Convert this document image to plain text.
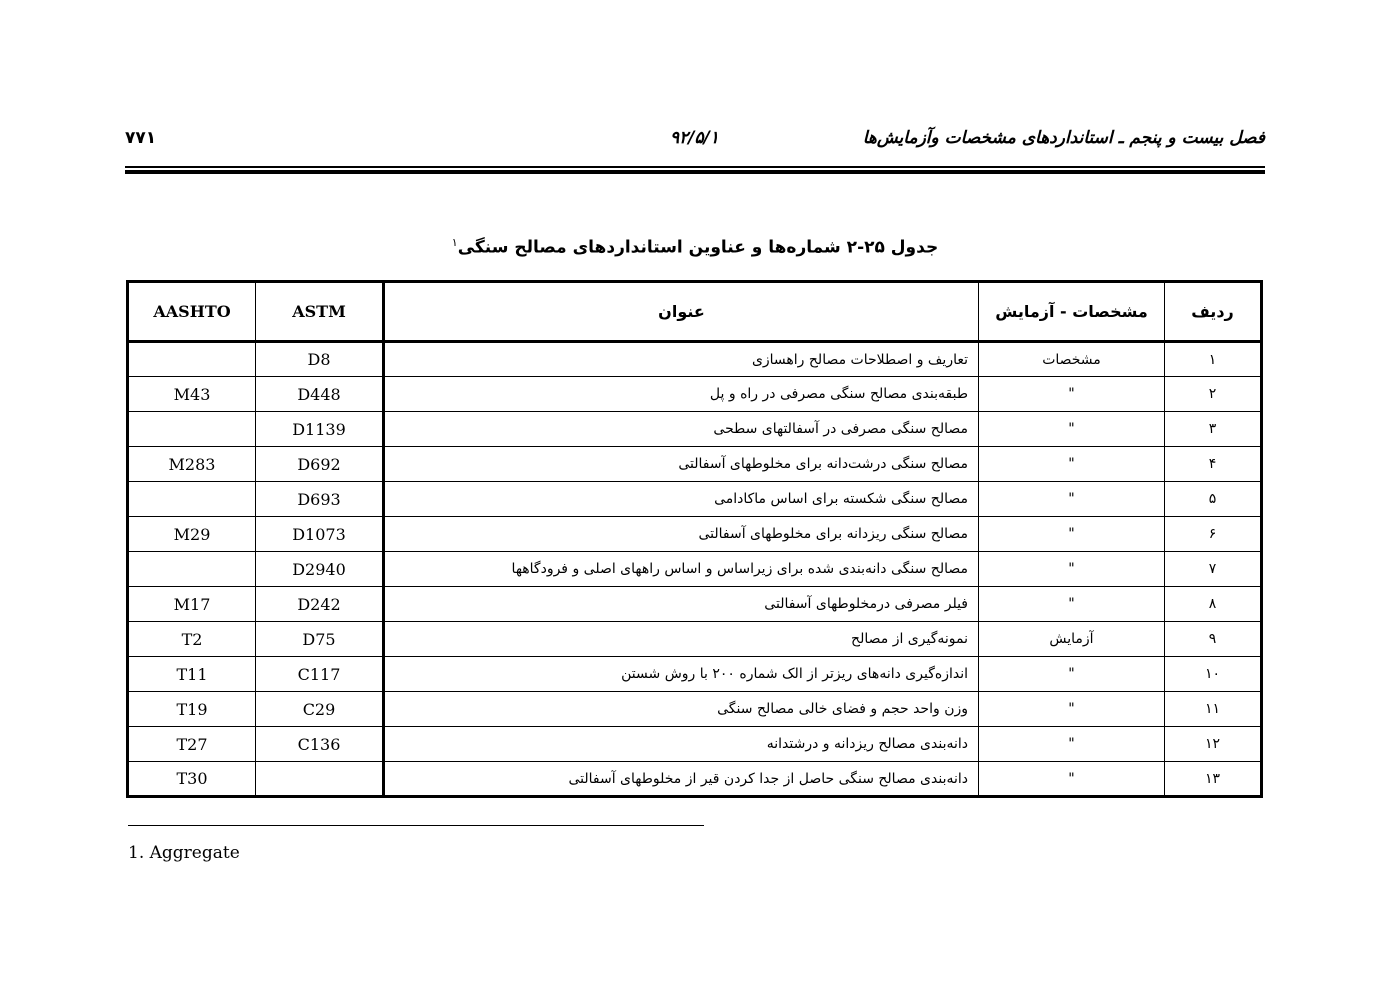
فصل بیست و پنجم ـ استانداردهای مشخصات وآزمایش‌ها
۹۲/۵/۱
۷۷۱
جدول ۲۵-۲ شماره‌ها و عناوین استانداردهای مصالح سنگی$^۱$
ردیف	مشخصات - آزمایش	عنوان	ASTM	AASHTO
۱	مشخصات	تعاریف و اصطلاحات مصالح راهسازی	D8	
۲	"	طبقه‌بندی مصالح سنگی مصرفی در راه و پل	D448	M43
۳	"	مصالح سنگی مصرفی در آسفالتهای سطحی	D1139	
۴	"	مصالح سنگی درشت‌دانه برای مخلوطهای آسفالتی	D692	M283
۵	"	مصالح سنگی شکسته برای اساس ماکادامی	D693	
۶	"	مصالح سنگی ریزدانه برای مخلوطهای آسفالتی	D1073	M29
۷	"	مصالح سنگی دانه‌بندی شده برای زیراساس و اساس راههای اصلی و فرودگاهها	D2940	
۸	"	فیلر مصرفی درمخلوطهای آسفالتی	D242	M17
۹	آزمایش	نمونه‌گیری از مصالح	D75	T2
۱۰	"	اندازه‌گیری دانه‌های ریزتر از الک شماره ۲۰۰ با روش شستن	C117	T11
۱۱	"	وزن واحد حجم و فضای خالی مصالح سنگی	C29	T19
۱۲	"	دانه‌بندی مصالح ریزدانه و درشتدانه	C136	T27
۱۳	"	دانه‌بندی مصالح سنگی حاصل از جدا کردن قیر از مخلوطهای آسفالتی		T30
1. Aggregate
